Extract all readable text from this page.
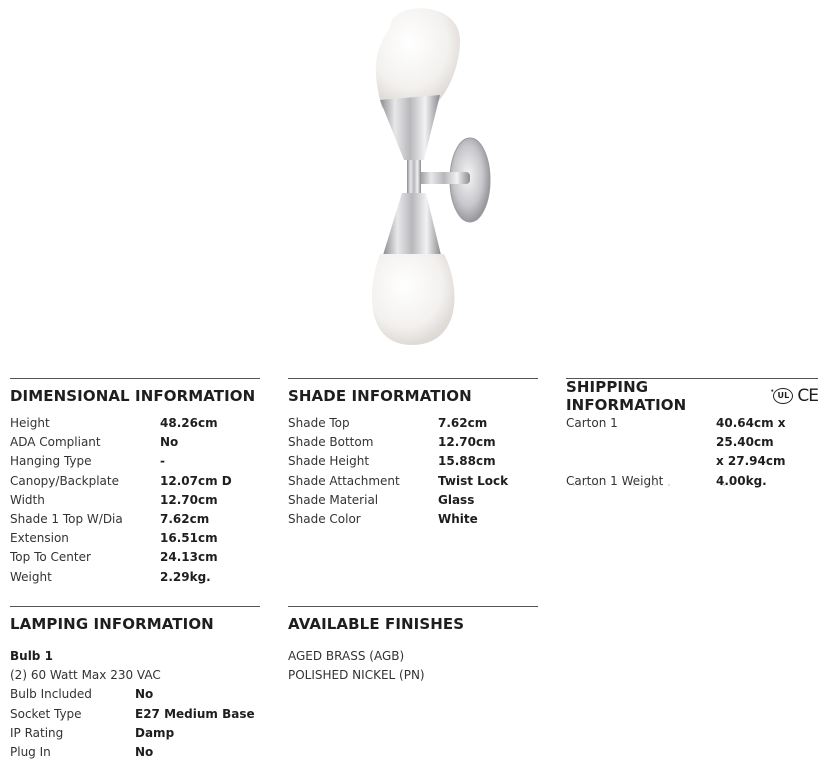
DIMENSIONAL INFORMATION
Height	48.26cm
ADA Compliant	No
Hanging Type	-
Canopy/Backplate	12.07cm D
Width	12.70cm
Shade 1 Top W/Dia	7.62cm
Extension	16.51cm
Top To Center	24.13cm
Weight	2.29kg.
SHADE INFORMATION
Shade Top	7.62cm
Shade Bottom	12.70cm
Shade Height	15.88cm
Shade Attachment	Twist Lock
Shade Material	Glass
Shade Color	White
SHIPPING INFORMATION	UL
· CE
Carton 1	40.64cm x 25.40cm
x 27.94cm
Carton 1 Weight	4.00kg.
LAMPING INFORMATION
Bulb 1
(2) 60 Watt Max 230 VAC
Bulb Included	No
Socket Type	E27 Medium Base
IP Rating	Damp
Plug In	No
AVAILABLE FINISHES
AGED BRASS (AGB)
POLISHED NICKEL (PN)
